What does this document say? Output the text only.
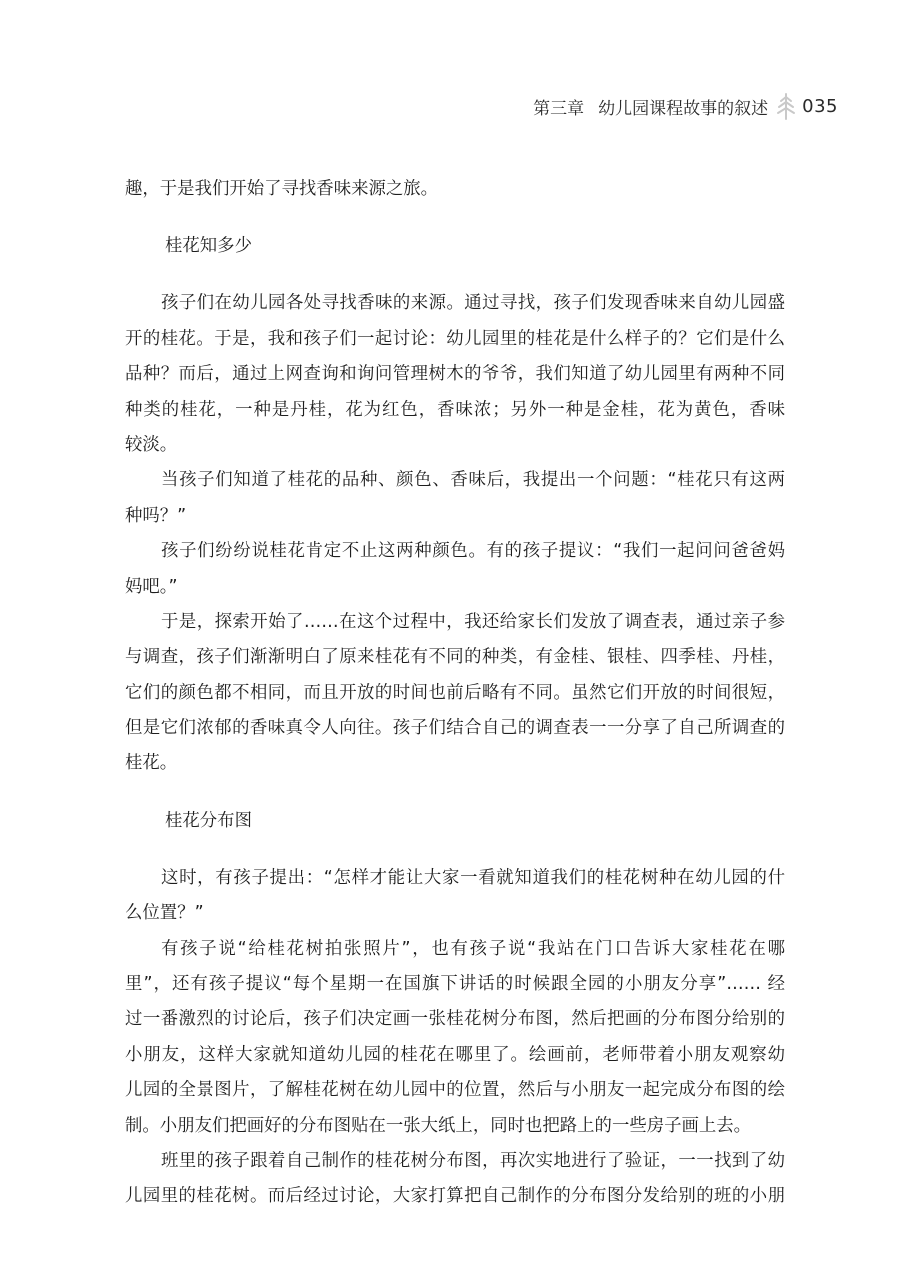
第三章 幼儿园课程故事的叙述 035
趣，于是我们开始了寻找香味来源之旅。
桂花知多少
孩子们在幼儿园各处寻找香味的来源。通过寻找，孩子们发现香味来自幼儿园盛
开的桂花。于是，我和孩子们一起讨论：幼儿园里的桂花是什么样子的？它们是什么
品种？而后，通过上网查询和询问管理树木的爷爷，我们知道了幼儿园里有两种不同
种类的桂花，一种是丹桂，花为红色，香味浓；另外一种是金桂，花为黄色，香味
较淡。
当孩子们知道了桂花的品种、颜色、香味后，我提出一个问题：“桂花只有这两
种吗？”
孩子们纷纷说桂花肯定不止这两种颜色。有的孩子提议：“我们一起问问爸爸妈
妈吧。”
于是，探索开始了……在这个过程中，我还给家长们发放了调查表，通过亲子参
与调查，孩子们渐渐明白了原来桂花有不同的种类，有金桂、银桂、四季桂、丹桂，
它们的颜色都不相同，而且开放的时间也前后略有不同。虽然它们开放的时间很短，
但是它们浓郁的香味真令人向往。孩子们结合自己的调查表一一分享了自己所调查的
桂花。
桂花分布图
这时，有孩子提出：“怎样才能让大家一看就知道我们的桂花树种在幼儿园的什
么位置？”
有孩子说“给桂花树拍张照片”，也有孩子说“我站在门口告诉大家桂花在哪
里”，还有孩子提议“每个星期一在国旗下讲话的时候跟全园的小朋友分享”…… 经
过一番激烈的讨论后，孩子们决定画一张桂花树分布图，然后把画的分布图分给别的
小朋友，这样大家就知道幼儿园的桂花在哪里了。绘画前，老师带着小朋友观察幼
儿园的全景图片，了解桂花树在幼儿园中的位置，然后与小朋友一起完成分布图的绘
制。小朋友们把画好的分布图贴在一张大纸上，同时也把路上的一些房子画上去。
班里的孩子跟着自己制作的桂花树分布图，再次实地进行了验证，一一找到了幼
儿园里的桂花树。而后经过讨论，大家打算把自己制作的分布图分发给别的班的小朋
